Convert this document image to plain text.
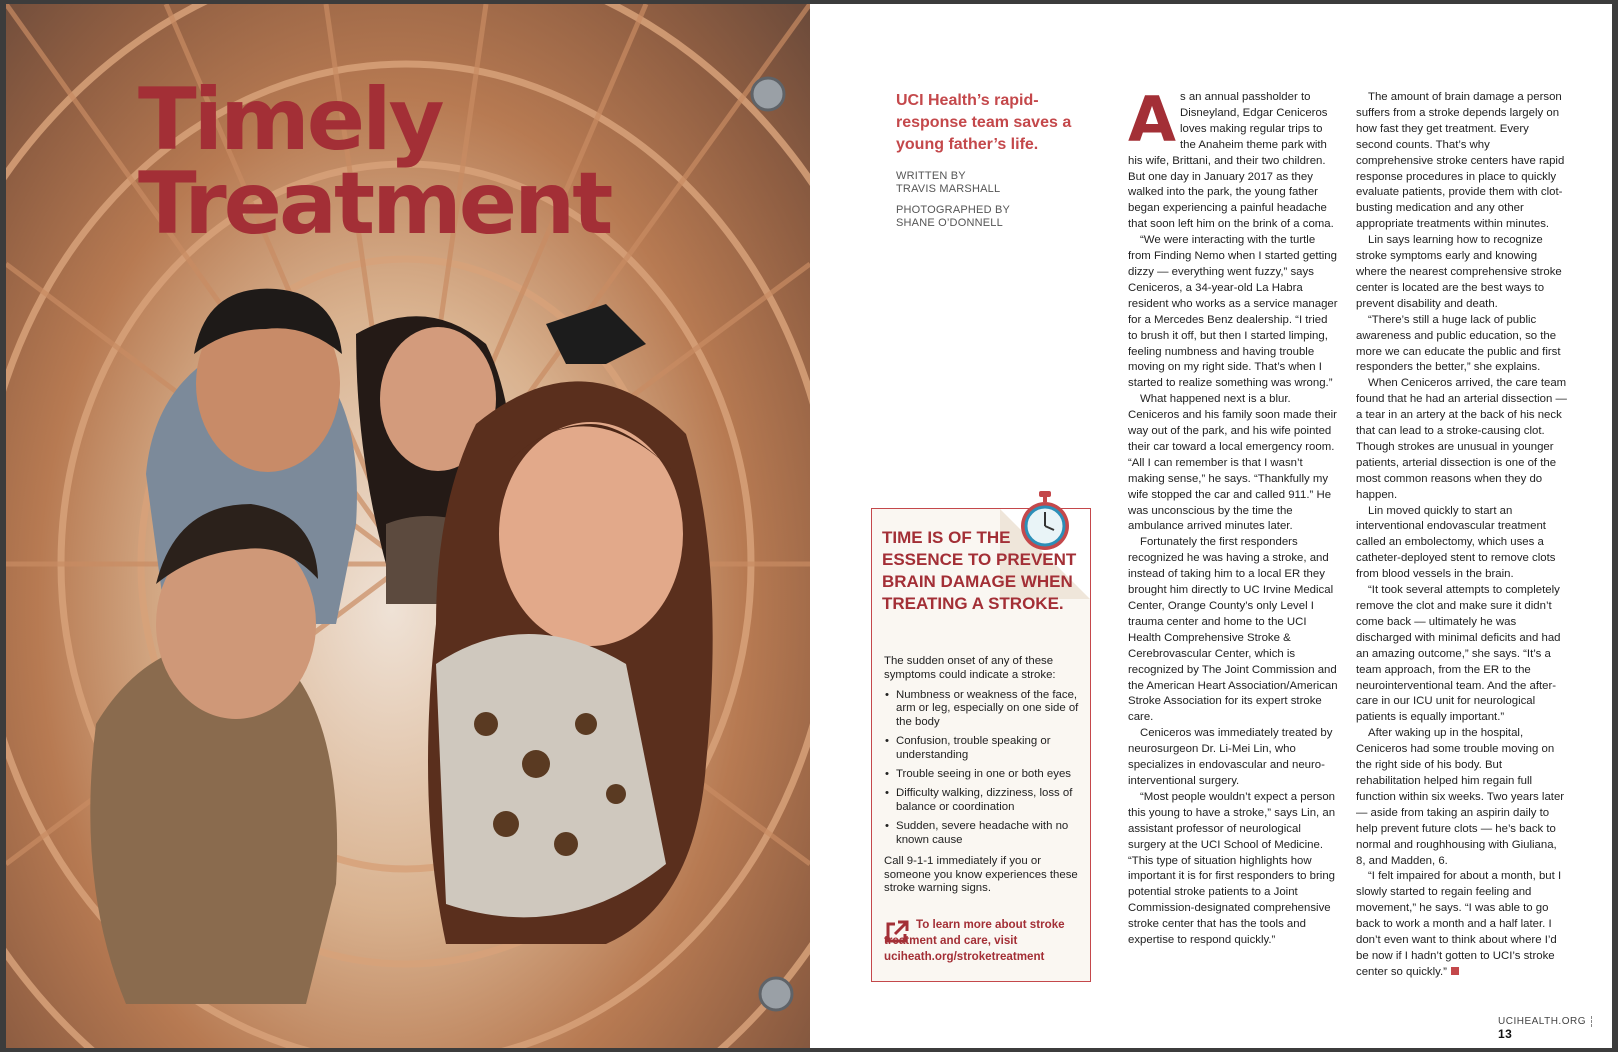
Timely
Treatment

UCI Health’s rapid-response team saves a young father’s life.

WRITTEN BY
TRAVIS MARSHALL
PHOTOGRAPHED BY
SHANE O’DONNELL
TIME IS OF THE ESSENCE TO PREVENT BRAIN DAMAGE WHEN TREATING A STROKE.

The sudden onset of any of these symptoms could indicate a stroke:

• Numbness or weakness of the face, arm or leg, especially on one side of the body
• Confusion, trouble speaking or understanding
• Trouble seeing in one or both eyes
• Difficulty walking, dizziness, loss of balance or coordination
• Sudden, severe headache with no known cause

Call 9-1-1 immediately if you or someone you know experiences these stroke warning signs.

To learn more about stroke treatment and care, visit uciheath.org/stroketreatment

As an annual passholder to Disneyland, Edgar Ceniceros loves making regular trips to the Anaheim theme park with his wife, Brittani, and their two children. But one day in January 2017 as they walked into the park, the young father began experiencing a painful headache that soon left him on the brink of a coma.

“We were interacting with the turtle from Finding Nemo when I started getting dizzy — everything went fuzzy,” says Ceniceros, a 34-year-old La Habra resident who works as a service manager for a Mercedes Benz dealership. “I tried to brush it off, but then I started limping, feeling numbness and having trouble moving on my right side. That’s when I started to realize something was wrong.”

What happened next is a blur. Ceniceros and his family soon made their way out of the park, and his wife pointed their car toward a local emergency room. “All I can remember is that I wasn’t making sense,” he says. “Thankfully my wife stopped the car and called 911.” He was unconscious by the time the ambulance arrived minutes later.

Fortunately the first responders recognized he was having a stroke, and instead of taking him to a local ER they brought him directly to UC Irvine Medical Center, Orange County’s only Level I trauma center and home to the UCI Health Comprehensive Stroke & Cerebrovascular Center, which is recognized by The Joint Commission and the American Heart Association/American Stroke Association for its expert stroke care.

Ceniceros was immediately treated by neurosurgeon Dr. Li-Mei Lin, who specializes in endovascular and neuro-interventional surgery.

“Most people wouldn’t expect a person this young to have a stroke,” says Lin, an assistant professor of neurological surgery at the UCI School of Medicine. “This type of situation highlights how important it is for first responders to bring potential stroke patients to a Joint Commission-designated comprehensive stroke center that has the tools and expertise to respond quickly.”

The amount of brain damage a person suffers from a stroke depends largely on how fast they get treatment. Every second counts. That’s why comprehensive stroke centers have rapid response procedures in place to quickly evaluate patients, provide them with clot-busting medication and any other appropriate treatments within minutes.

Lin says learning how to recognize stroke symptoms early and knowing where the nearest comprehensive stroke center is located are the best ways to prevent disability and death.

“There’s still a huge lack of public awareness and public education, so the more we can educate the public and first responders the better,” she explains.

When Ceniceros arrived, the care team found that he had an arterial dissection — a tear in an artery at the back of his neck that can lead to a stroke-causing clot. Though strokes are unusual in younger patients, arterial dissection is one of the most common reasons when they do happen.

Lin moved quickly to start an interventional endovascular treatment called an embolectomy, which uses a catheter-deployed stent to remove clots from blood vessels in the brain.

“It took several attempts to completely remove the clot and make sure it didn’t come back — ultimately he was discharged with minimal deficits and had an amazing outcome,” she says. “It’s a team approach, from the ER to the neurointerventional team. And the after-care in our ICU unit for neurological patients is equally important.”

After waking up in the hospital, Ceniceros had some trouble moving on the right side of his body. But rehabilitation helped him regain full function within six weeks. Two years later — aside from taking an aspirin daily to help prevent future clots — he’s back to normal and roughhousing with Giuliana, 8, and Madden, 6.

“I felt impaired for about a month, but I slowly started to regain feeling and movement,” he says. “I was able to go back to work a month and a half later. I don’t even want to think about where I’d be now if I hadn’t gotten to UCI’s stroke center so quickly.”

UCIHEALTH.ORG13
